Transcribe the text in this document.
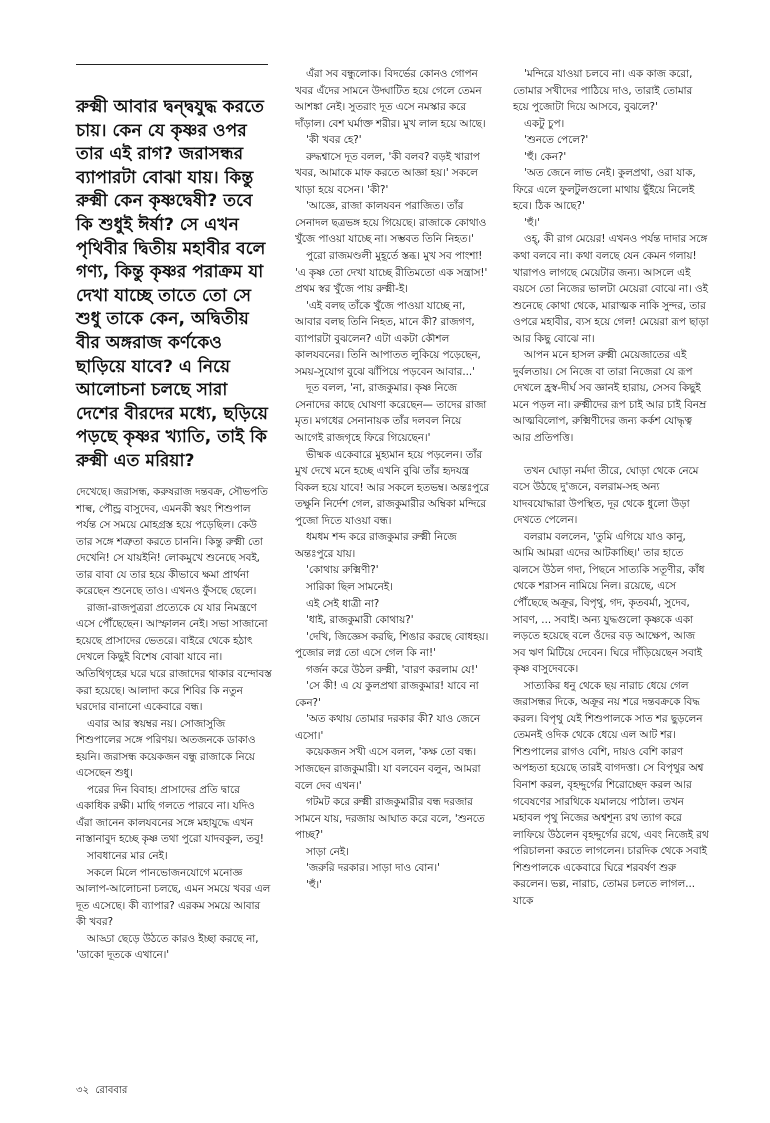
রুক্মী আবার দ্বন্দ্বযুদ্ধ করতে চায়। কেন যে কৃষ্ণর ওপর তার এই রাগ? জরাসন্ধর ব্যাপারটা বোঝা যায়। কিন্তু রুক্মী কেন কৃষ্ণদ্বেষী? তবে কি শুধুই ঈর্ষা? সে এখন পৃথিবীর দ্বিতীয় মহাবীর বলে গণ্য, কিন্তু কৃষ্ণর পরাক্রম যা দেখা যাচ্ছে তাতে তো সে শুধু তাকে কেন, অদ্বিতীয় বীর অঙ্গরাজ কর্ণকেও ছাড়িয়ে যাবে? এ নিয়ে আলোচনা চলছে সারা দেশের বীরদের মধ্যে, ছড়িয়ে পড়ছে কৃষ্ণর খ্যাতি, তাই কি রুক্মী এত মরিয়া?

দেখেছে। জরাসন্ধ, করুষরাজ দন্তবক্র, সৌভপতি শাল্ব, পৌন্ড্র বাসুদেব, এমনকী স্বয়ং শিশুপাল পর্যন্ত সে সময়ে মোহগ্রস্ত হয়ে পড়েছিল। কেউ তার সঙ্গে শত্রুতা করতে চাননি। কিন্তু রুক্মী তো দেখেনি! সে যায়ইনি! লোকমুখে শুনেছে সবই, তার বাবা যে তার হয়ে কীভাবে ক্ষমা প্রার্থনা করেছেন শুনেছে তাও। এখনও ফুঁসছে ছেলে।

রাজা-রাজপুত্ররা প্রত্যেকে যে যার নিমন্ত্রণে এসে পৌঁছেছেন। আস্ফালন নেই। সভা সাজানো হয়েছে প্রাসাদের ভেতরে। বাইরে থেকে হঠাৎ দেখলে কিছুই বিশেষ বোঝা যাবে না। অতিথিগৃহের ঘরে ঘরে রাজাদের থাকার বন্দোবস্ত করা হয়েছে। আলাদা করে শিবির কি নতুন ঘরদোর বানানো একেবারে বন্ধ।

এবার আর স্বয়ম্বর নয়। সোজাসুজি শিশুপালের সঙ্গে পরিণয়। অতজনকে ডাকাও হয়নি। জরাসন্ধ কয়েকজন বন্ধু রাজাকে নিয়ে এসেছেন শুধু।

পরের দিন বিবাহ। প্রাসাদের প্রতি দ্বারে একাধিক রক্ষী। মাছি গলতে পারবে না। যদিও এঁরা জানেন কালযবনের সঙ্গে মহাযুদ্ধে এখন নাস্তানাবুদ হচ্ছে কৃষ্ণ তথা পুরো যাদবকুল, তবু!

সাবধানের মার নেই।

সকলে মিলে পানভোজনযোগে মনোজ্ঞ আলাপ-আলোচনা চলছে, এমন সময়ে খবর এল দূত এসেছে। কী ব্যাপার? এরকম সময়ে আবার কী খবর?

আড্ডা ছেড়ে উঠতে কারও ইচ্ছা করছে না, 'ডাকো দূতকে এখানে।'

এঁরা সব বন্ধুলোক। বিদর্ভের কোনও গোপন খবর এঁদের সামনে উদ্ঘাটিত হয়ে গেলে তেমন আশঙ্কা নেই। সুতরাং দূত এসে নমস্কার করে দাঁড়াল। বেশ ঘর্মাক্ত শরীর। মুখ লাল হয়ে আছে।

'কী খবর হে?'

রুদ্ধশ্বাসে দূত বলল, 'কী বলব? বড়ই খারাপ খবর, আমাকে মাফ করতে আজ্ঞা হয়।' সকলে খাড়া হয়ে বসেন। 'কী?'

'আজ্ঞে, রাজা কালযবন পরাজিত। তাঁর সেনাদল ছত্রভঙ্গ হয়ে গিয়েছে। রাজাকে কোথাও খুঁজে পাওয়া যাচ্ছে না। সম্ভবত তিনি নিহত।'

পুরো রাজমণ্ডলী মুহূর্তে স্তব্ধ। মুখ সব পাংশা! 'এ কৃষ্ণ তো দেখা যাচ্ছে রীতিমতো এক সন্ত্রাস!' প্রথম স্বর খুঁজে পায় রুক্মী-ই।

'এই বলছ তাঁকে খুঁজে পাওয়া যাচ্ছে না, আবার বলছ তিনি নিহত, মানে কী? রাজগণ, ব্যাপারটা বুঝলেন? এটা একটা কৌশল কালযবনের। তিনি আপাতত লুকিয়ে পড়েছেন, সময়-সুযোগ বুঝে ঝাঁপিয়ে পড়বেন আবার...'

দূত বলল, 'না, রাজকুমার। কৃষ্ণ নিজে সেনাদের কাছে ঘোষণা করেছেন— তাদের রাজা মৃত। মগধের সেনানায়ক তাঁর দলবল নিয়ে আগেই রাজগৃহে ফিরে গিয়েছেন।'

ভীষ্মক একেবারে মুহ্যমান হয়ে পড়লেন। তাঁর মুখ দেখে মনে হচ্ছে এখনি বুঝি তাঁর হৃদযন্ত্র বিকল হয়ে যাবে! আর সকলে হতভম্ব। অন্তঃপুরে তক্ষুনি নির্দেশ গেল, রাজকুমারীর অম্বিকা মন্দিরে পুজো দিতে যাওয়া বন্ধ।

ধমধম শব্দ করে রাজকুমার রুক্মী নিজে অন্তঃপুরে যায়।

'কোথায় রুক্মিণী?'

সারিকা ছিল সামনেই।

এই সেই ধাত্রী না?

'ধাই, রাজকুমারী কোথায়?'

'দেখি, জিজ্ঞেস করছি, শিঙার করছে বোধহয়। পুজোর লগ্ন তো এসে গেল কি না!'

গর্জন করে উঠল রুক্মী, 'বারণ করলাম যে!'

'সে কী! এ যে কুলপ্রথা রাজকুমার! যাবে না কেন?'

'অত কথায় তোমার দরকার কী? যাও জেনে এসো।'

কয়েকজন সখী এসে বলল, 'কক্ষ তো বন্ধ। সাজছেন রাজকুমারী। যা বলবেন বলুন, আমরা বলে দেব এখন।'

গটমট করে রুক্মী রাজকুমারীর বন্ধ দরজার সামনে যায়, দরজায় আঘাত করে বলে, 'শুনতে পাচ্ছ?'

সাড়া নেই।

'জরুরি দরকার। সাড়া দাও বোন।'

'হুঁ।'

'মন্দিরে যাওয়া চলবে না। এক কাজ করো, তোমার সখীদের পাঠিয়ে দাও, তারাই তোমার হয়ে পুজোটা দিয়ে আসবে, বুঝলে?'

একটু চুপ।

'শুনতে পেলে?'

'হুঁ। কেন?'

'অত জেনে লাভ নেই। কুলপ্রথা, ওরা যাক, ফিরে এলে ফুলটুলগুলো মাথায় ছুঁইয়ে নিলেই হবে। ঠিক আছে?'

'হুঁ।'

ওহ্, কী রাগ মেয়ের! এখনও পর্যন্ত দাদার সঙ্গে কথা বলবে না। কথা বলছে যেন কেমন গলায়! খারাপও লাগছে মেয়েটার জন্য। আসলে এই বয়সে তো নিজের ভালটা মেয়েরা বোঝে না। ওই শুনেছে কোথা থেকে, মারাত্মক নাকি সুন্দর, তার ওপরে মহাবীর, ব্যস হয়ে গেল! মেয়েরা রূপ ছাড়া আর কিছু বোঝে না।

আপন মনে হাসল রুক্মী মেয়েজাতের এই দুর্বলতায়। সে নিজে বা তারা নিজেরা যে রূপ দেখলে হ্রস্ব-দীর্ঘ সব জ্ঞানই হারায়, সেসব কিছুই মনে পড়ল না। রুক্মীদের রূপ চাই আর চাই বিনম্র আত্মবিলোপ, রুক্মিণীদের জন্য কর্কশ যোদ্ধৃত্ব আর প্রতিপত্তি।

তখন ঘোড়া নর্মদা তীরে, ঘোড়া থেকে নেমে বসে উঠছে দু'জনে, বলরাম-সহ অন্য যাদবযোদ্ধারা উপস্থিত, দূর থেকে ধুলো উড়া দেখতে পেলেন।

বলরাম বললেন, 'তুমি এগিয়ে যাও কানু, আমি আমরা এদের আটকাচ্ছি।' তার হাতে ঝলসে উঠল গদা, পিছনে সাত্যকি সতূণীর, কাঁধ থেকে শরাসন নামিয়ে নিল। রয়েছে, এসে পৌঁছেছে অক্রূর, বিপৃথু, গদ, কৃতবর্মা, সুদেব, সাবণ, ... সবাই। অন্য যুদ্ধগুলো কৃষ্ণকে একা লড়তে হয়েছে বলে ওঁদের বড় আক্ষেপ, আজ সব ঋণ মিটিয়ে দেবেন। ঘিরে দাঁড়িয়েছেন সবাই কৃষ্ণ বাসুদেবকে।

সাত্যকির ধনু থেকে ছয় নারাচ ধেয়ে গেল জরাসন্ধর দিকে, অক্রূর নয় শরে দন্তবক্রকে বিদ্ধ করল। বিপৃথু যেই শিশুপালকে সাত শর ছুড়লেন তেমনই ওদিক থেকে ধেয়ে এল আট শর। শিশুপালের রাগও বেশি, দায়ও বেশি কারণ অপহৃতা হয়েছে তারই বাগদত্তা। সে বিপৃথুর অশ্ব বিনাশ করল, বৃহদ্দুর্গের শিরোচ্ছেদ করল আর গবেষণের সারথিকে যমালয়ে পাঠাল। তখন মহাবল পৃথু নিজের অশ্বশূন্য রথ ত্যাগ করে লাফিয়ে উঠলেন বৃহদ্দুর্গের রথে, এবং নিজেই রথ পরিচালনা করতে লাগলেন। চারদিক থেকে সবাই শিশুপালকে একেবারে ঘিরে শরবর্ষণ শুরু করলেন। ভল্ল, নারাচ, তোমর চলতে লাগল... যাকে

৩২ রোববার
